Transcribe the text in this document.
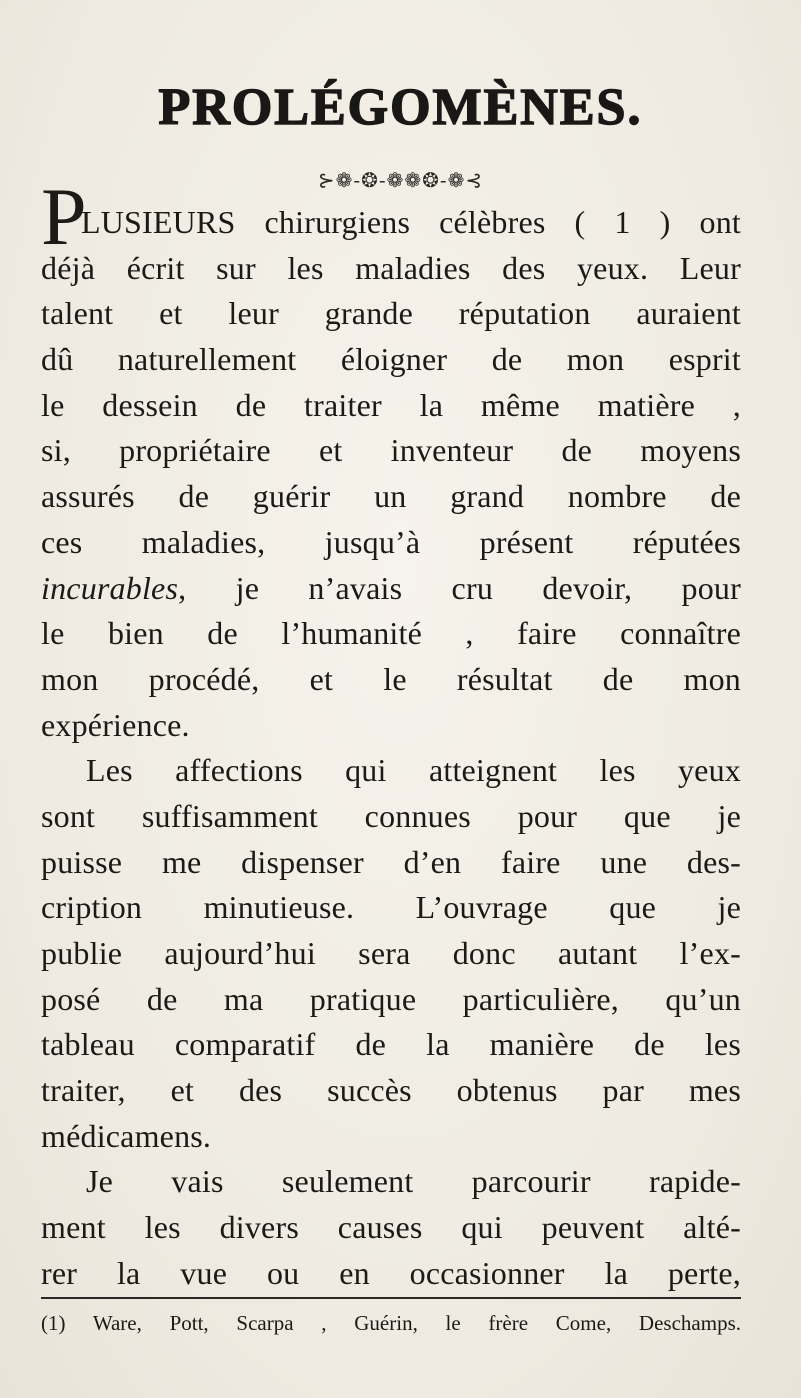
PROLÉGOMÈNES.
⊱❁-❂-❁❁❂-❁⊰
P
LUSIEURS chirurgiens célèbres ( 1 ) ont
déjà écrit sur les maladies des yeux. Leur
talent et leur grande réputation auraient
dû naturellement éloigner de mon esprit
le dessein de traiter la même matière ,
si, propriétaire et inventeur de moyens
assurés de guérir un grand nombre de
ces maladies, jusqu’à présent réputées
incurables, je n’avais cru devoir, pour
le bien de l’humanité , faire connaître
mon procédé, et le résultat de mon
expérience.
Les affections qui atteignent les yeux
sont suffisamment connues pour que je
puisse me dispenser d’en faire une des-
cription minutieuse. L’ouvrage que je
publie aujourd’hui sera donc autant l’ex-
posé de ma pratique particulière, qu’un
tableau comparatif de la manière de les
traiter, et des succès obtenus par mes
médicamens.
Je vais seulement parcourir rapide-
ment les divers causes qui peuvent alté-
rer la vue ou en occasionner la perte,
(1) Ware, Pott, Scarpa , Guérin, le frère Come, Deschamps.
